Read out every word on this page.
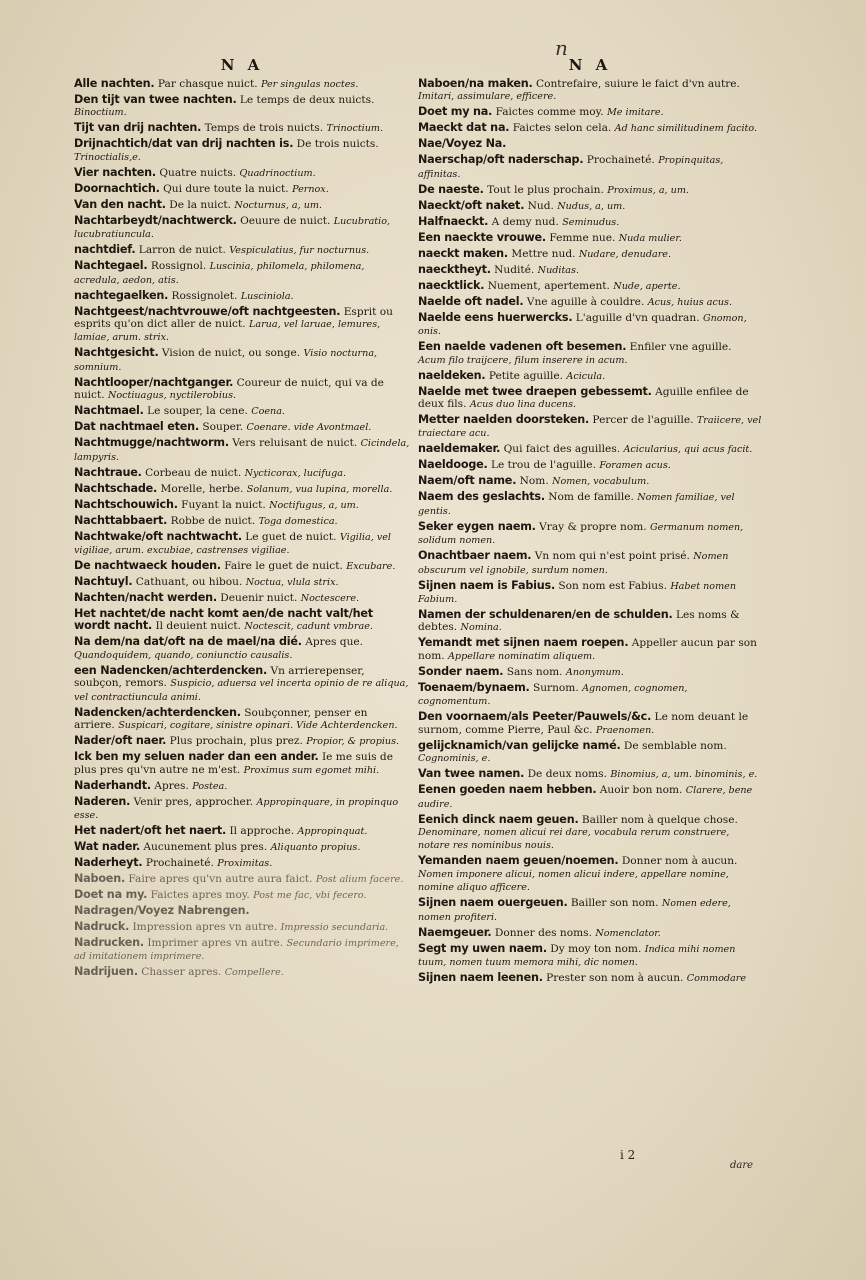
n
N A
Alle nachten. Par chasque nuict. Per singulas noctes.
Den tijt van twee nachten. Le temps de deux nuicts. Binoctium.
Tijt van drij nachten. Temps de trois nuicts. Trinoctium.
Drijnachtich/dat van drij nachten is. De trois nuicts. Trinoctialis,e.
Vier nachten. Quatre nuicts. Quadrinoctium.
Doornachtich. Qui dure toute la nuict. Pernox.
Van den nacht. De la nuict. Nocturnus, a, um.
Nachtarbeydt/nachtwerck. Oeuure de nuict. Lucubratio, lucubratiuncula.
nachtdief. Larron de nuict. Vespiculatius, fur nocturnus.
Nachtegael. Rossignol. Luscinia, philomela, philomena, acredula, aedon, atis.
nachtegaelken. Rossignolet. Lusciniola.
Nachtgeest/nachtvrouwe/oft nachtgeesten. Esprit ou esprits qu'on dict aller de nuict. Larua, vel laruae, lemures, lamiae, arum. strix.
Nachtgesicht. Vision de nuict, ou songe. Visio nocturna, somnium.
Nachtlooper/nachtganger. Coureur de nuict, qui va de nuict. Noctiuagus, nyctilerobius.
Nachtmael. Le souper, la cene. Coena.
Dat nachtmael eten. Souper. Coenare. vide Avontmael.
Nachtmugge/nachtworm. Vers reluisant de nuict. Cicindela, lampyris.
Nachtraue. Corbeau de nuict. Nycticorax, lucifuga.
Nachtschade. Morelle, herbe. Solanum, vua lupina, morella.
Nachtschouwich. Fuyant la nuict. Noctifugus, a, um.
Nachttabbaert. Robbe de nuict. Toga domestica.
Nachtwake/oft nachtwacht. Le guet de nuict. Vigilia, vel vigiliae, arum. excubiae, castrenses vigiliae.
De nachtwaeck houden. Faire le guet de nuict. Excubare.
Nachtuyl. Cathuant, ou hibou. Noctua, vlula strix.
Nachten/nacht werden. Deuenir nuict. Noctescere.
Het nachtet/de nacht komt aen/de nacht valt/het wordt nacht. Il deuient nuict. Noctescit, cadunt vmbrae.
Na dem/na dat/oft na de mael/na dié. Apres que. Quandoquidem, quando, coniunctio causalis.
een Nadencken/achterdencken. Vn arrierepenser, soubçon, remors. Suspicio, aduersa vel incerta opinio de re aliqua, vel contractiuncula animi.
Nadencken/achterdencken. Soubçonner, penser en arriere. Suspicari, cogitare, sinistre opinari. Vide Achterdencken.
Nader/oft naer. Plus prochain, plus prez. Propior, & propius.
Ick ben my seluen nader dan een ander. Ie me suis de plus pres qu'vn autre ne m'est. Proximus sum egomet mihi.
Naderhandt. Apres. Postea.
Naderen. Venir pres, approcher. Appropinquare, in propinquo esse.
Het nadert/oft het naert. Il approche. Appropinquat.
Wat nader. Aucunement plus pres. Aliquanto propius.
Naderheyt. Prochaineté. Proximitas.
Naboen. Faire apres qu'vn autre aura faict. Post alium facere.
Doet na my. Faictes apres moy. Post me fac, vbi fecero.
Nadragen/Voyez Nabrengen.
Nadruck. Impression apres vn autre. Impressio secundaria.
Nadrucken. Imprimer apres vn autre. Secundario imprimere, ad imitationem imprimere.
Nadrijuen. Chasser apres. Compellere.
N A
Naboen/na maken. Contrefaire, suiure le faict d'vn autre. Imitari, assimulare, efficere.
Doet my na. Faictes comme moy. Me imitare.
Maeckt dat na. Faictes selon cela. Ad hanc similitudinem facito.
Nae/Voyez Na.
Naerschap/oft naderschap. Prochaineté. Propinquitas, affinitas.
De naeste. Tout le plus prochain. Proximus, a, um.
Naeckt/oft naket. Nud. Nudus, a, um.
Halfnaeckt. A demy nud. Seminudus.
Een naeckte vrouwe. Femme nue. Nuda mulier.
naeckt maken. Mettre nud. Nudare, denudare.
naecktheyt. Nudité. Nuditas.
naecktlick. Nuement, apertement. Nude, aperte.
Naelde oft nadel. Vne aguille à couldre. Acus, huius acus.
Naelde eens huerwercks. L'aguille d'vn quadran. Gnomon, onis.
Een naelde vadenen oft besemen. Enfiler vne aguille. Acum filo traijcere, filum inserere in acum.
naeldeken. Petite aguille. Acicula.
Naelde met twee draepen gebessemt. Aguille enfilee de deux fils. Acus duo lina ducens.
Metter naelden doorsteken. Percer de l'aguille. Traiicere, vel traiectare acu.
naeldemaker. Qui faict des aguilles. Acicularius, qui acus facit.
Naeldooge. Le trou de l'aguille. Foramen acus.
Naem/oft name. Nom. Nomen, vocabulum.
Naem des geslachts. Nom de famille. Nomen familiae, vel gentis.
Seker eygen naem. Vray & propre nom. Germanum nomen, solidum nomen.
Onachtbaer naem. Vn nom qui n'est point prisé. Nomen obscurum vel ignobile, surdum nomen.
Sijnen naem is Fabius. Son nom est Fabius. Habet nomen Fabium.
Namen der schuldenaren/en de schulden. Les noms & debtes. Nomina.
Yemandt met sijnen naem roepen. Appeller aucun par son nom. Appellare nominatim aliquem.
Sonder naem. Sans nom. Anonymum.
Toenaem/bynaem. Surnom. Agnomen, cognomen, cognomentum.
Den voornaem/als Peeter/Pauwels/&c. Le nom deuant le surnom, comme Pierre, Paul &c. Praenomen.
gelijcknamich/van gelijcke namé. De semblable nom. Cognominis, e.
Van twee namen. De deux noms. Binomius, a, um. binominis, e.
Eenen goeden naem hebben. Auoir bon nom. Clarere, bene audire.
Eenich dinck naem geuen. Bailler nom à quelque chose. Denominare, nomen alicui rei dare, vocabula rerum construere, notare res nominibus nouis.
Yemanden naem geuen/noemen. Donner nom à aucun. Nomen imponere alicui, nomen alicui indere, appellare nomine, nomine aliquo afficere.
Sijnen naem ouergeuen. Bailler son nom. Nomen edere, nomen profiteri.
Naemgeuer. Donner des noms. Nomenclator.
Segt my uwen naem. Dy moy ton nom. Indica mihi nomen tuum, nomen tuum memora mihi, dic nomen.
Sijnen naem leenen. Prester son nom à aucun. Commodare
i 2
dare
